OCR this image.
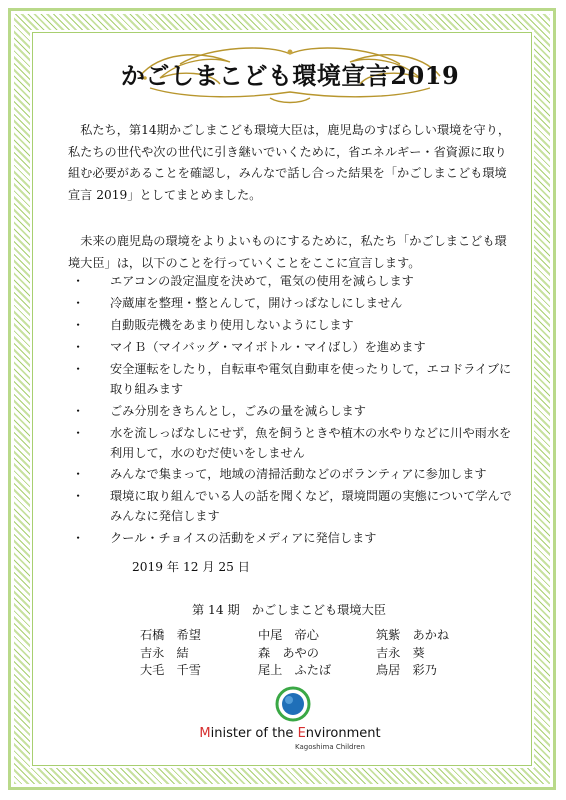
かごしまこども環境宣言2019

私たち，第14期かごしまこども環境大臣は，鹿児島のすばらしい環境を守り，私たちの世代や次の世代に引き継いでいくために，省エネルギー・省資源に取り組む必要があることを確認し，みんなで話し合った結果を「かごしまこども環境宣言 2019」としてまとめました。

未来の鹿児島の環境をよりよいものにするために，私たち「かごしまこども環境大臣」は，以下のことを行っていくことをここに宣言します。

・	エアコンの設定温度を決めて，電気の使用を減らします
・	冷蔵庫を整理・整とんして，開けっぱなしにしません
・	自動販売機をあまり使用しないようにします
・	マイＢ（マイバッグ・マイボトル・マイばし）を進めます
・	安全運転をしたり，自転車や電気自動車を使ったりして，エコドライブに取り組みます
・	ごみ分別をきちんとし，ごみの量を減らします
・	水を流しっぱなしにせず，魚を飼うときや植木の水やりなどに川や雨水を利用して，水のむだ使いをしません
・	みんなで集まって，地域の清掃活動などのボランティアに参加します
・	環境に取り組んでいる人の話を聞くなど，環境問題の実態について学んでみんなに発信します
・	クール・チョイスの活動をメディアに発信します
2019 年 12 月 25 日
第 14 期　かごしまこども環境大臣
石橋　希望	中尾　帝心	筑紫　あかね
吉永　結	森　あやの	吉永　葵
大毛　千雪	尾上　ふたば	鳥居　彩乃
Minister of the Environment
Kagoshima Children
